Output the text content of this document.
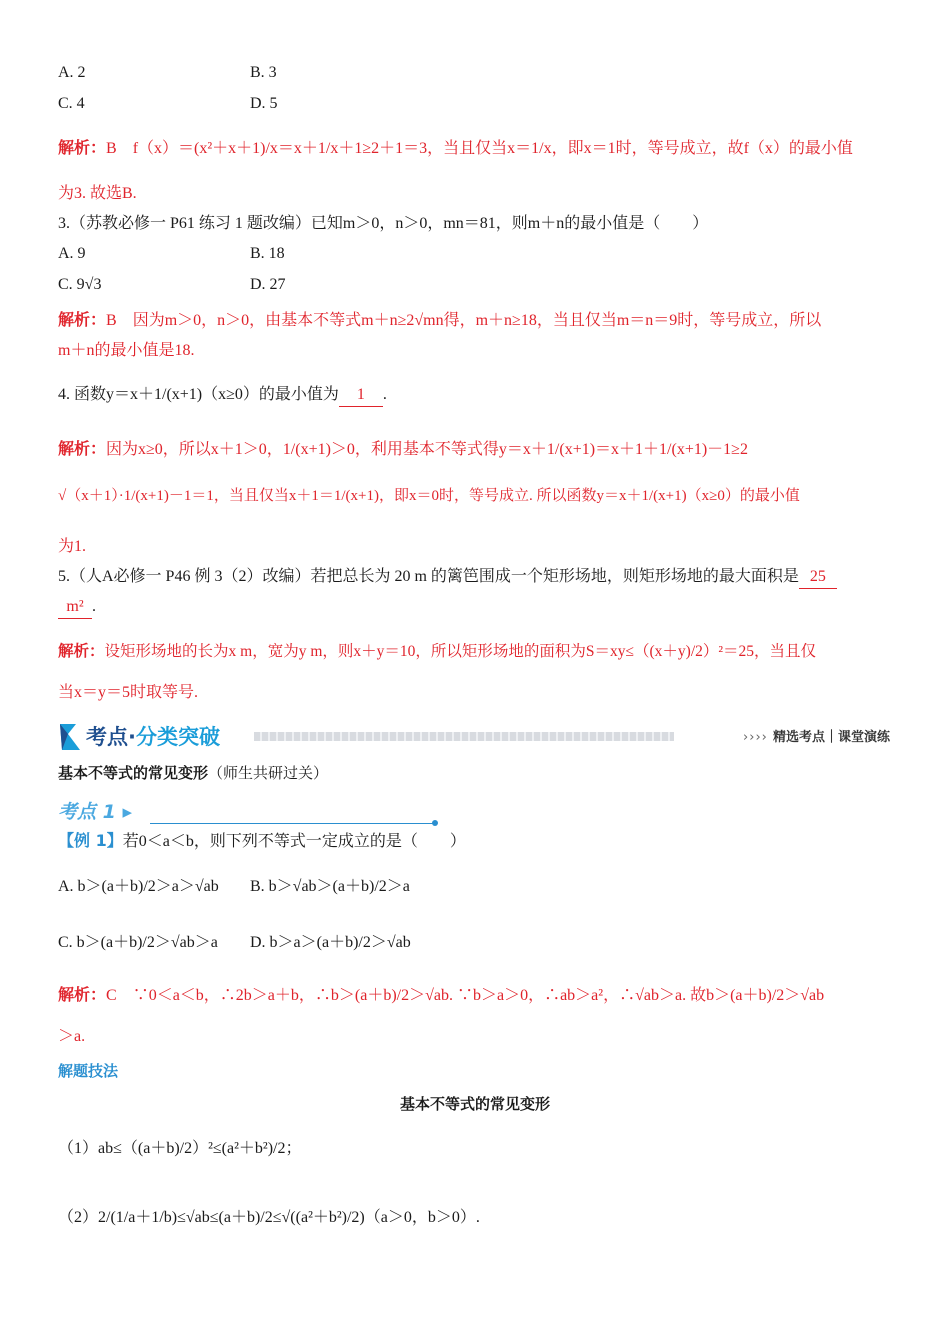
A. 2	B. 3
C. 4	D. 5
解析：B　f（x）＝(x²＋x＋1)/x＝x＋1/x＋1≥2＋1＝3，当且仅当x＝1/x，即x＝1时，等号成立，故f（x）的最小值
为3. 故选B.
3.（苏教必修一 P61 练习 1 题改编）已知m＞0，n＞0，mn＝81，则m＋n的最小值是（　　）
A. 9	B. 18
C. 9√3	D. 27
解析：B　因为m＞0，n＞0，由基本不等式m＋n≥2√mn得，m＋n≥18，当且仅当m＝n＝9时，等号成立，所以
m＋n的最小值是18.
4. 函数y＝x＋1/(x+1)（x≥0）的最小值为 1 .
解析：因为x≥0，所以x＋1＞0，1/(x+1)＞0，利用基本不等式得y＝x＋1/(x+1)＝x＋1＋1/(x+1)－1≥2
√（x＋1）·1/(x+1)－1＝1，当且仅当x＋1＝1/(x+1)，即x＝0时，等号成立. 所以函数y＝x＋1/(x+1)（x≥0）的最小值
为1.
5.（人A必修一 P46 例 3（2）改编）若把总长为 20 m 的篱笆围成一个矩形场地，则矩形场地的最大面积是 25
m² .
解析：设矩形场地的长为x m，宽为y m，则x＋y＝10，所以矩形场地的面积为S＝xy≤（(x＋y)/2）²＝25，当且仅
当x＝y＝5时取等号.
考点·分类突破	›››› 精选考点｜课堂演练
基本不等式的常见变形（师生共研过关）
考点 1 ▸
【例 1】若0＜a＜b，则下列不等式一定成立的是（　　）
A. b＞(a＋b)/2＞a＞√ab B. b＞√ab＞(a＋b)/2＞a
C. b＞(a＋b)/2＞√ab＞a D. b＞a＞(a＋b)/2＞√ab
解析：C　∵0＜a＜b，∴2b＞a＋b，∴b＞(a＋b)/2＞√ab. ∵b＞a＞0，∴ab＞a²，∴√ab＞a. 故b＞(a＋b)/2＞√ab
＞a.
解题技法
基本不等式的常见变形
（1）ab≤（(a＋b)/2）²≤(a²＋b²)/2；
（2）2/(1/a＋1/b)≤√ab≤(a＋b)/2≤√((a²＋b²)/2)（a＞0，b＞0）.
